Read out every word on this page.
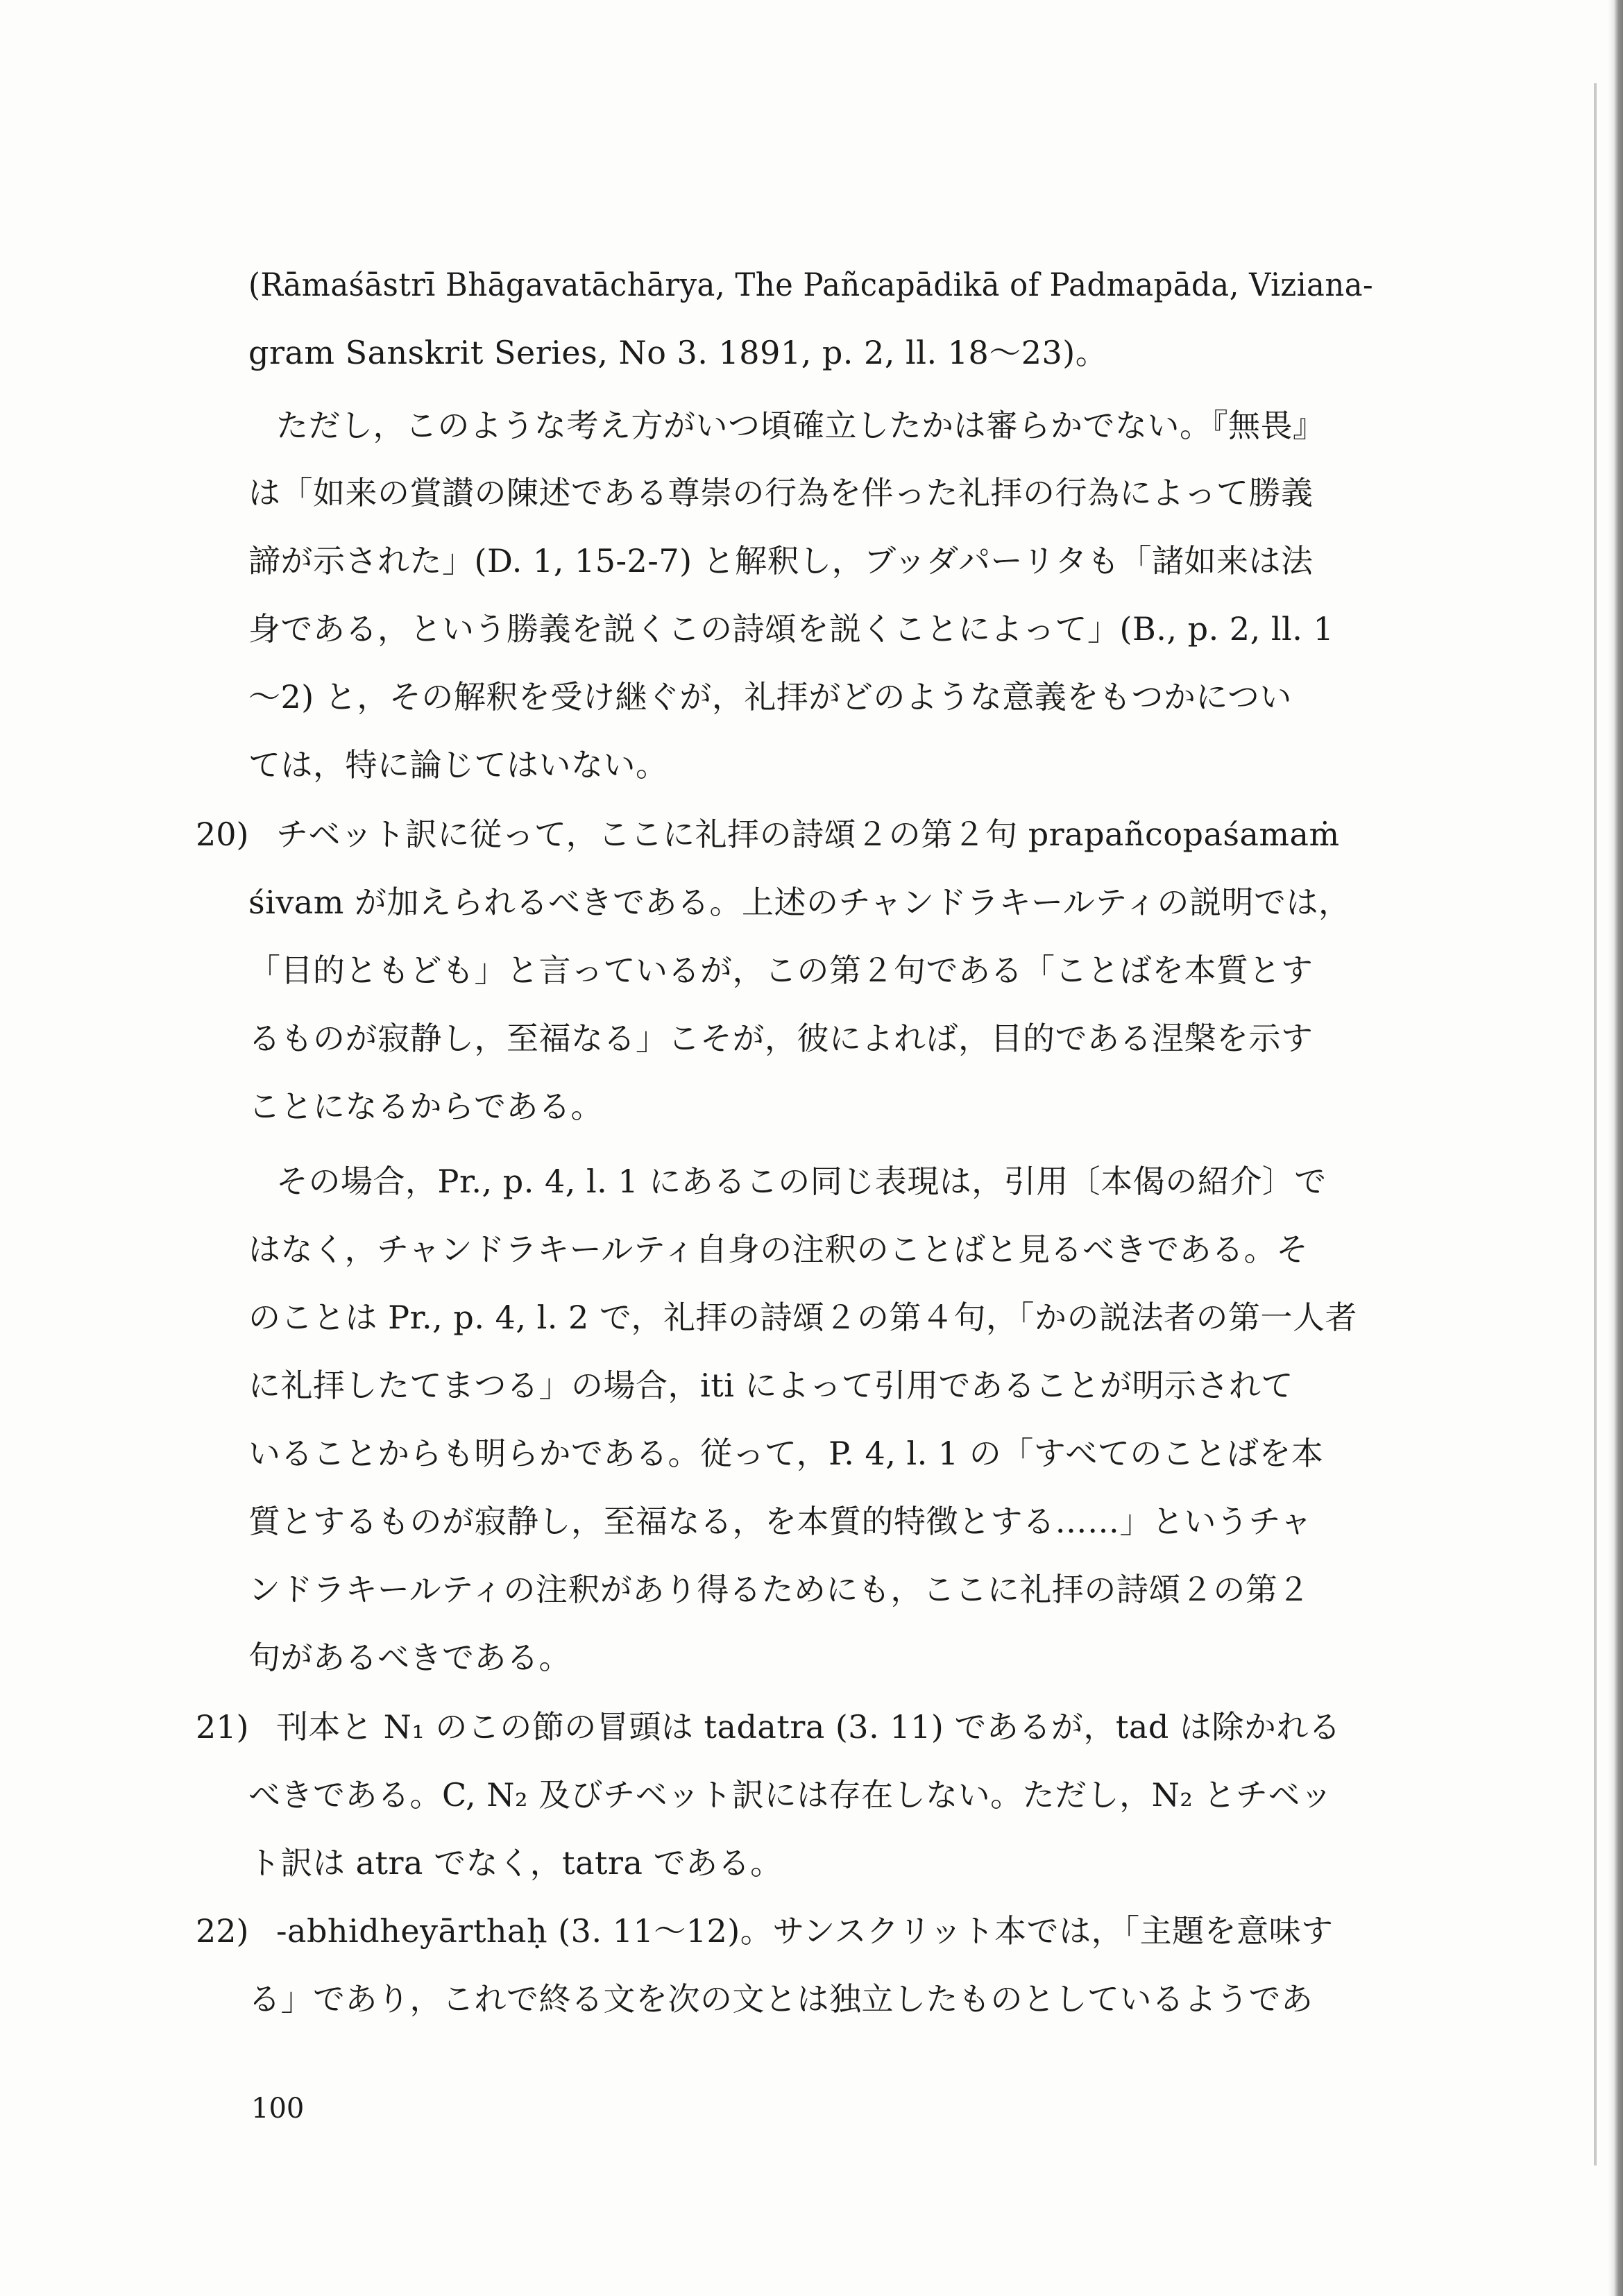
(Rāmaśāstrī Bhāgavatāchārya, The Pañcapādikā of Padmapāda, Viziana-
gram Sanskrit Series, No 3. 1891, p. 2, ll. 18～23)。
ただし，このような考え方がいつ頃確立したかは審らかでない。『無畏』
は「如来の賞讃の陳述である尊崇の行為を伴った礼拝の行為によって勝義
諦が示された」(D. 1, 15-2-7) と解釈し，ブッダパーリタも「諸如来は法
身である，という勝義を説くこの詩頌を説くことによって」(B., p. 2, ll. 1
～2) と，その解釈を受け継ぐが，礼拝がどのような意義をもつかについ
ては，特に論じてはいない。
20) チベット訳に従って，ここに礼拝の詩頌２の第２句 prapañcopaśamaṁ
śivam が加えられるべきである。上述のチャンドラキールティの説明では，
「目的ともども」と言っているが，この第２句である「ことばを本質とす
るものが寂静し，至福なる」こそが，彼によれば，目的である涅槃を示す
ことになるからである。
その場合，Pr., p. 4, l. 1 にあるこの同じ表現は，引用〔本偈の紹介〕で
はなく，チャンドラキールティ自身の注釈のことばと見るべきである。そ
のことは Pr., p. 4, l. 2 で，礼拝の詩頌２の第４句，「かの説法者の第一人者
に礼拝したてまつる」の場合，iti によって引用であることが明示されて
いることからも明らかである。従って，P. 4, l. 1 の「すべてのことばを本
質とするものが寂静し，至福なる，を本質的特徴とする……」というチャ
ンドラキールティの注釈があり得るためにも，ここに礼拝の詩頌２の第２
句があるべきである。
21) 刊本と N₁ のこの節の冒頭は tadatra (3. 11) であるが，tad は除かれる
べきである。C, N₂ 及びチベット訳には存在しない。ただし，N₂ とチベッ
ト訳は atra でなく，tatra である。
22) -abhidheyārthaḥ (3. 11～12)。サンスクリット本では，「主題を意味す
る」であり，これで終る文を次の文とは独立したものとしているようであ
100
